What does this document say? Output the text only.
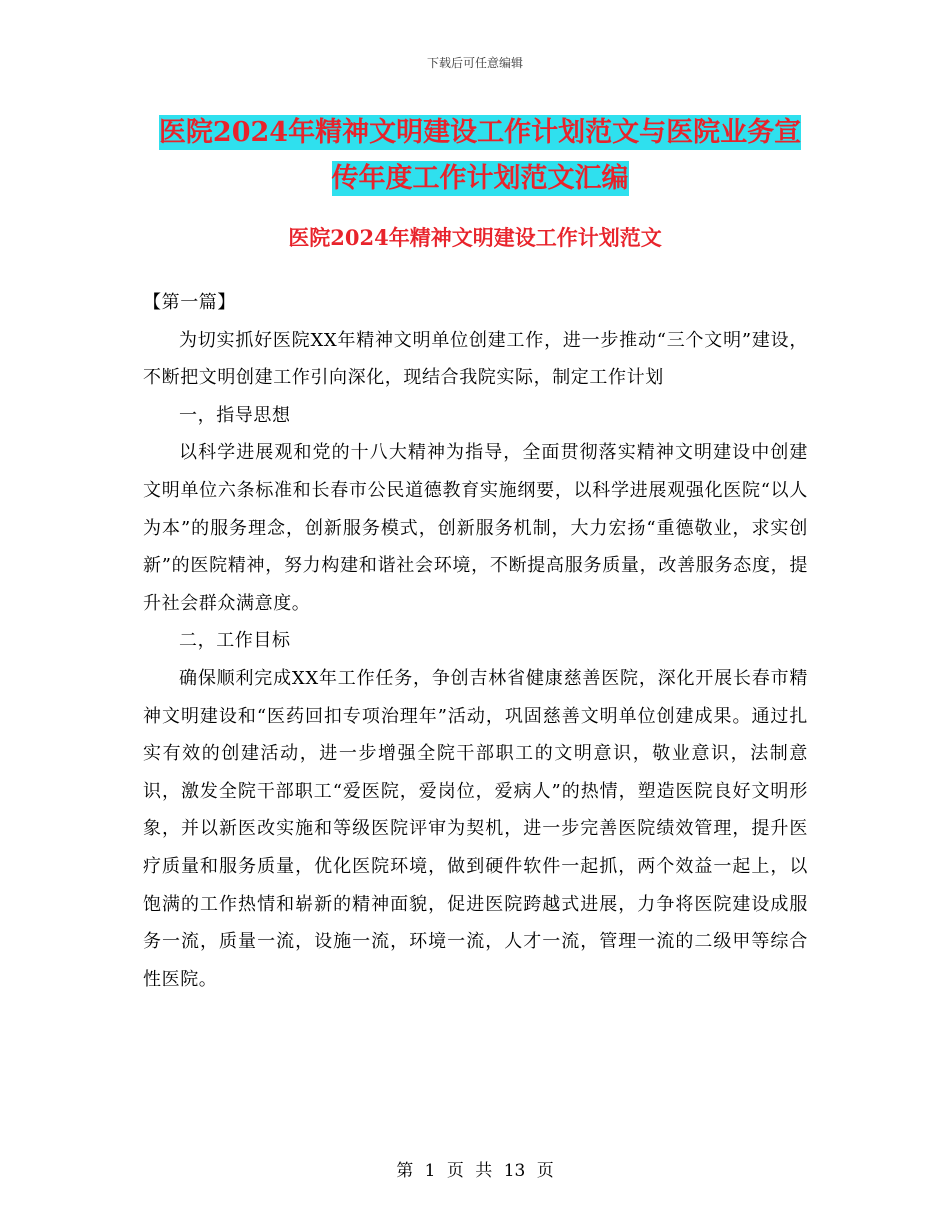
下载后可任意编辑
医院2024年精神文明建设工作计划范文与医院业务宣
传年度工作计划范文汇编
医院2024年精神文明建设工作计划范文

【第一篇】

为切实抓好医院XX年精神文明单位创建工作，进一步推动“三个文明”建设，不断把文明创建工作引向深化，现结合我院实际，制定工作计划

一，指导思想

以科学进展观和党的十八大精神为指导，全面贯彻落实精神文明建设中创建文明单位六条标准和长春市公民道德教育实施纲要，以科学进展观强化医院“以人为本”的服务理念，创新服务模式，创新服务机制，大力宏扬“重德敬业，求实创新”的医院精神，努力构建和谐社会环境，不断提高服务质量，改善服务态度，提升社会群众满意度。

二，工作目标

确保顺利完成XX年工作任务，争创吉林省健康慈善医院，深化开展长春市精神文明建设和“医药回扣专项治理年”活动，巩固慈善文明单位创建成果。通过扎实有效的创建活动，进一步增强全院干部职工的文明意识，敬业意识，法制意识，激发全院干部职工“爱医院，爱岗位，爱病人”的热情，塑造医院良好文明形象，并以新医改实施和等级医院评审为契机，进一步完善医院绩效管理，提升医疗质量和服务质量，优化医院环境，做到硬件软件一起抓，两个效益一起上，以饱满的工作热情和崭新的精神面貌，促进医院跨越式进展，力争将医院建设成服务一流，质量一流，设施一流，环境一流，人才一流，管理一流的二级甲等综合性医院。

第 1 页 共 13 页
